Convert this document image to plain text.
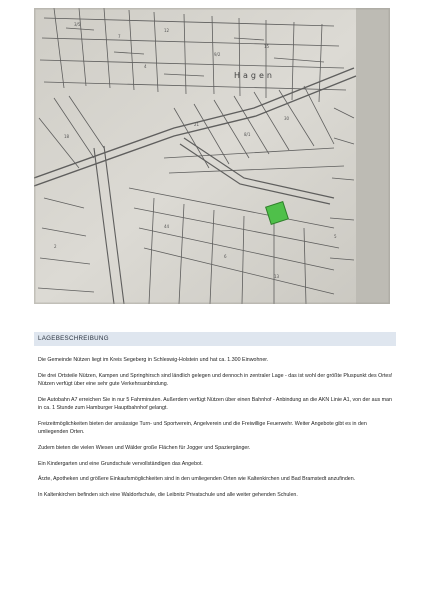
3/5
7
12
9/2
15
4
21
8/1
30
44
6
13
2
18
5
Hagen
LAGEBESCHREIBUNG

Die Gemeinde Nützen liegt im Kreis Segeberg in Schleswig-Holstein und hat ca. 1.300 Einwohner.

Die drei Ortsteile Nützen, Kampen und Springhirsch sind ländlich gelegen und dennoch in zentraler Lage - das ist wohl der größte Pluspunkt des Ortes! Nützen verfügt über eine sehr gute Verkehrsanbindung.

Die Autobahn A7 erreichen Sie in nur 5 Fahrminuten. Außerdem verfügt Nützen über einen Bahnhof - Anbindung an die AKN Linie A1, von der aus man in ca. 1 Stunde zum Hamburger Hauptbahnhof gelangt.

Freizeitmöglichkeiten bieten der ansässige Turn- und Sportverein, Angelverein und die Freiwillige Feuerwehr. Weiter Angebote gibt es in den umliegenden Orten.

Zudem bieten die vielen Wiesen und Wälder große Flächen für Jogger und Spaziergänger.

Ein Kindergarten und eine Grundschule vervollständigen das Angebot.

Ärzte, Apotheken und größere Einkaufsmöglichkeiten sind in den umliegenden Orten wie Kaltenkirchen und Bad Bramstedt anzufinden.

In Kaltenkirchen befinden sich eine Waldorfschule, die Leibnitz Privatschule und alle weiter gehenden Schulen.
